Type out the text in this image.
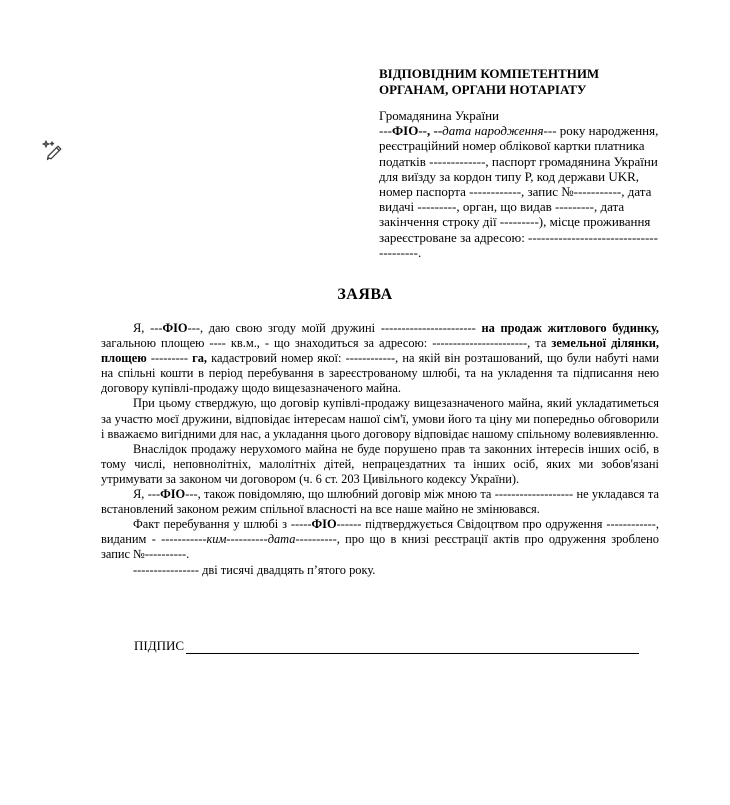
ВІДПОВІДНИМ КОМПЕТЕНТНИМ
ОРГАНАМ, ОРГАНИ НОТАРІАТУ
Громадянина України
---ФІО--, --дата народження--- року народження, реєстраційний номер облікової картки платника податків -------------, паспорт громадянина України для виїзду за кордон типу Р, код держави UKR, номер паспорта ------------, запис №-----------, дата видачі ---------, орган, що видав ---------, дата закінчення строку дії ---------), місце проживання зареєстроване за адресою: ---------------------------------------.
ЗАЯВА

Я, ---ФІО---, даю свою згоду моїй дружині ----------------------- на продаж житлового будинку, загальною площею ---- кв.м., - що знаходиться за адресою: -----------------------, та земельної ділянки, площею --------- га, кадастровий номер якої: ------------, на якій він розташований, що були набуті нами на спільні кошти в період перебування в зареєстрованому шлюбі, та на укладення та підписання нею договору купівлі-продажу щодо вищезазначеного майна.

При цьому стверджую, що договір купівлі-продажу вищезазначеного майна, який укладатиметься за участю моєї дружини, відповідає інтересам нашої сім'ї, умови його та ціну ми попередньо обговорили і вважаємо вигідними для нас, а укладання цього договору відповідає нашому спільному волевиявленню.

Внаслідок продажу нерухомого майна не буде порушено прав та законних інтересів інших осіб, в тому числі, неповнолітніх, малолітніх дітей, непрацездатних та інших осіб, яких ми зобов'язані утримувати за законом чи договором (ч. 6 ст. 203 Цивільного кодексу України).

Я, ---ФІО---, також повідомляю, що шлюбний договір між мною та ------------------- не укладався та встановлений законом режим спільної власності на все наше майно не змінювався.

Факт перебування у шлюбі з -----ФІО------ підтверджується Свідоцтвом про одруження ------------, виданим - -----------ким----------дата----------, про що в книзі реєстрації актів про одруження зроблено запис №----------.

---------------- дві тисячі двадцять п’ятого року.

ПІДПИС
